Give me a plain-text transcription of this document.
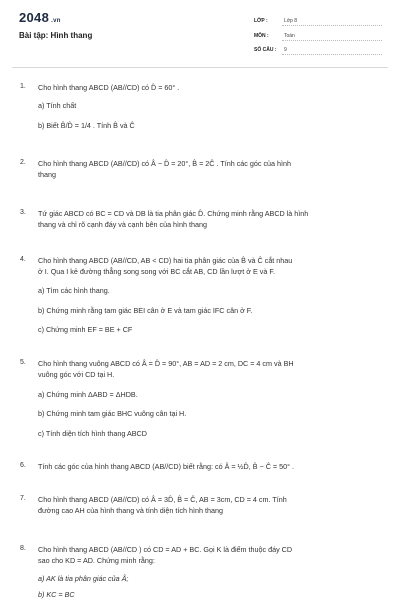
2048 .vn
Bài tập: Hình thang
LỚP :	Lớp 8
MÔN :	Toán
SỐ CÂU : 9
1. Cho hình thang ABCD (AB//CD) có D̂ = 60° .
a) Tính chất
b) Biết B̂/D̂ = 1/4 . Tính B̂ và Ĉ
2. Cho hình thang ABCD (AB//CD) có Â − D̂ = 20°, B̂ = 2Ĉ . Tính các góc của hình
thang
3. Tứ giác ABCD có BC = CD và DB là tia phân giác D̂. Chứng minh rằng ABCD là hình
thang và chỉ rõ cạnh đáy và cạnh bên của hình thang
4. Cho hình thang ABCD (AB//CD, AB < CD) hai tia phân giác của B̂ và Ĉ cắt nhau
ở I. Qua I kẻ đường thẳng song song với BC cắt AB, CD lần lượt ở E và F.
a) Tìm các hình thang.
b) Chứng minh rằng tam giác BEI cân ở E và tam giác IFC cân ở F.
c) Chứng minh EF = BE + CF
5. Cho hình thang vuông ABCD có Â = D̂ = 90°, AB = AD = 2 cm, DC = 4 cm và BH
vuông góc với CD tại H.
a) Chứng minh ΔABD = ΔHDB.
b) Chứng minh tam giác BHC vuông cân tại H.
c) Tính diện tích hình thang ABCD
6. Tính các góc của hình thang ABCD (AB//CD) biết rằng: có Â = ½D̂, B̂ − Ĉ = 50° .
7. Cho hình thang ABCD (AB//CD) có Â = 3D̂, B̂ = Ĉ, AB = 3cm, CD = 4 cm. Tính
đường cao AH của hình thang và tính diện tích hình thang
8. Cho hình thang ABCD (AB//CD ) có CD = AD + BC. Gọi K là điểm thuộc đáy CD
sao cho KD = AD. Chứng minh rằng:
a) AK là tia phân giác của Â;
b) KC = BC
